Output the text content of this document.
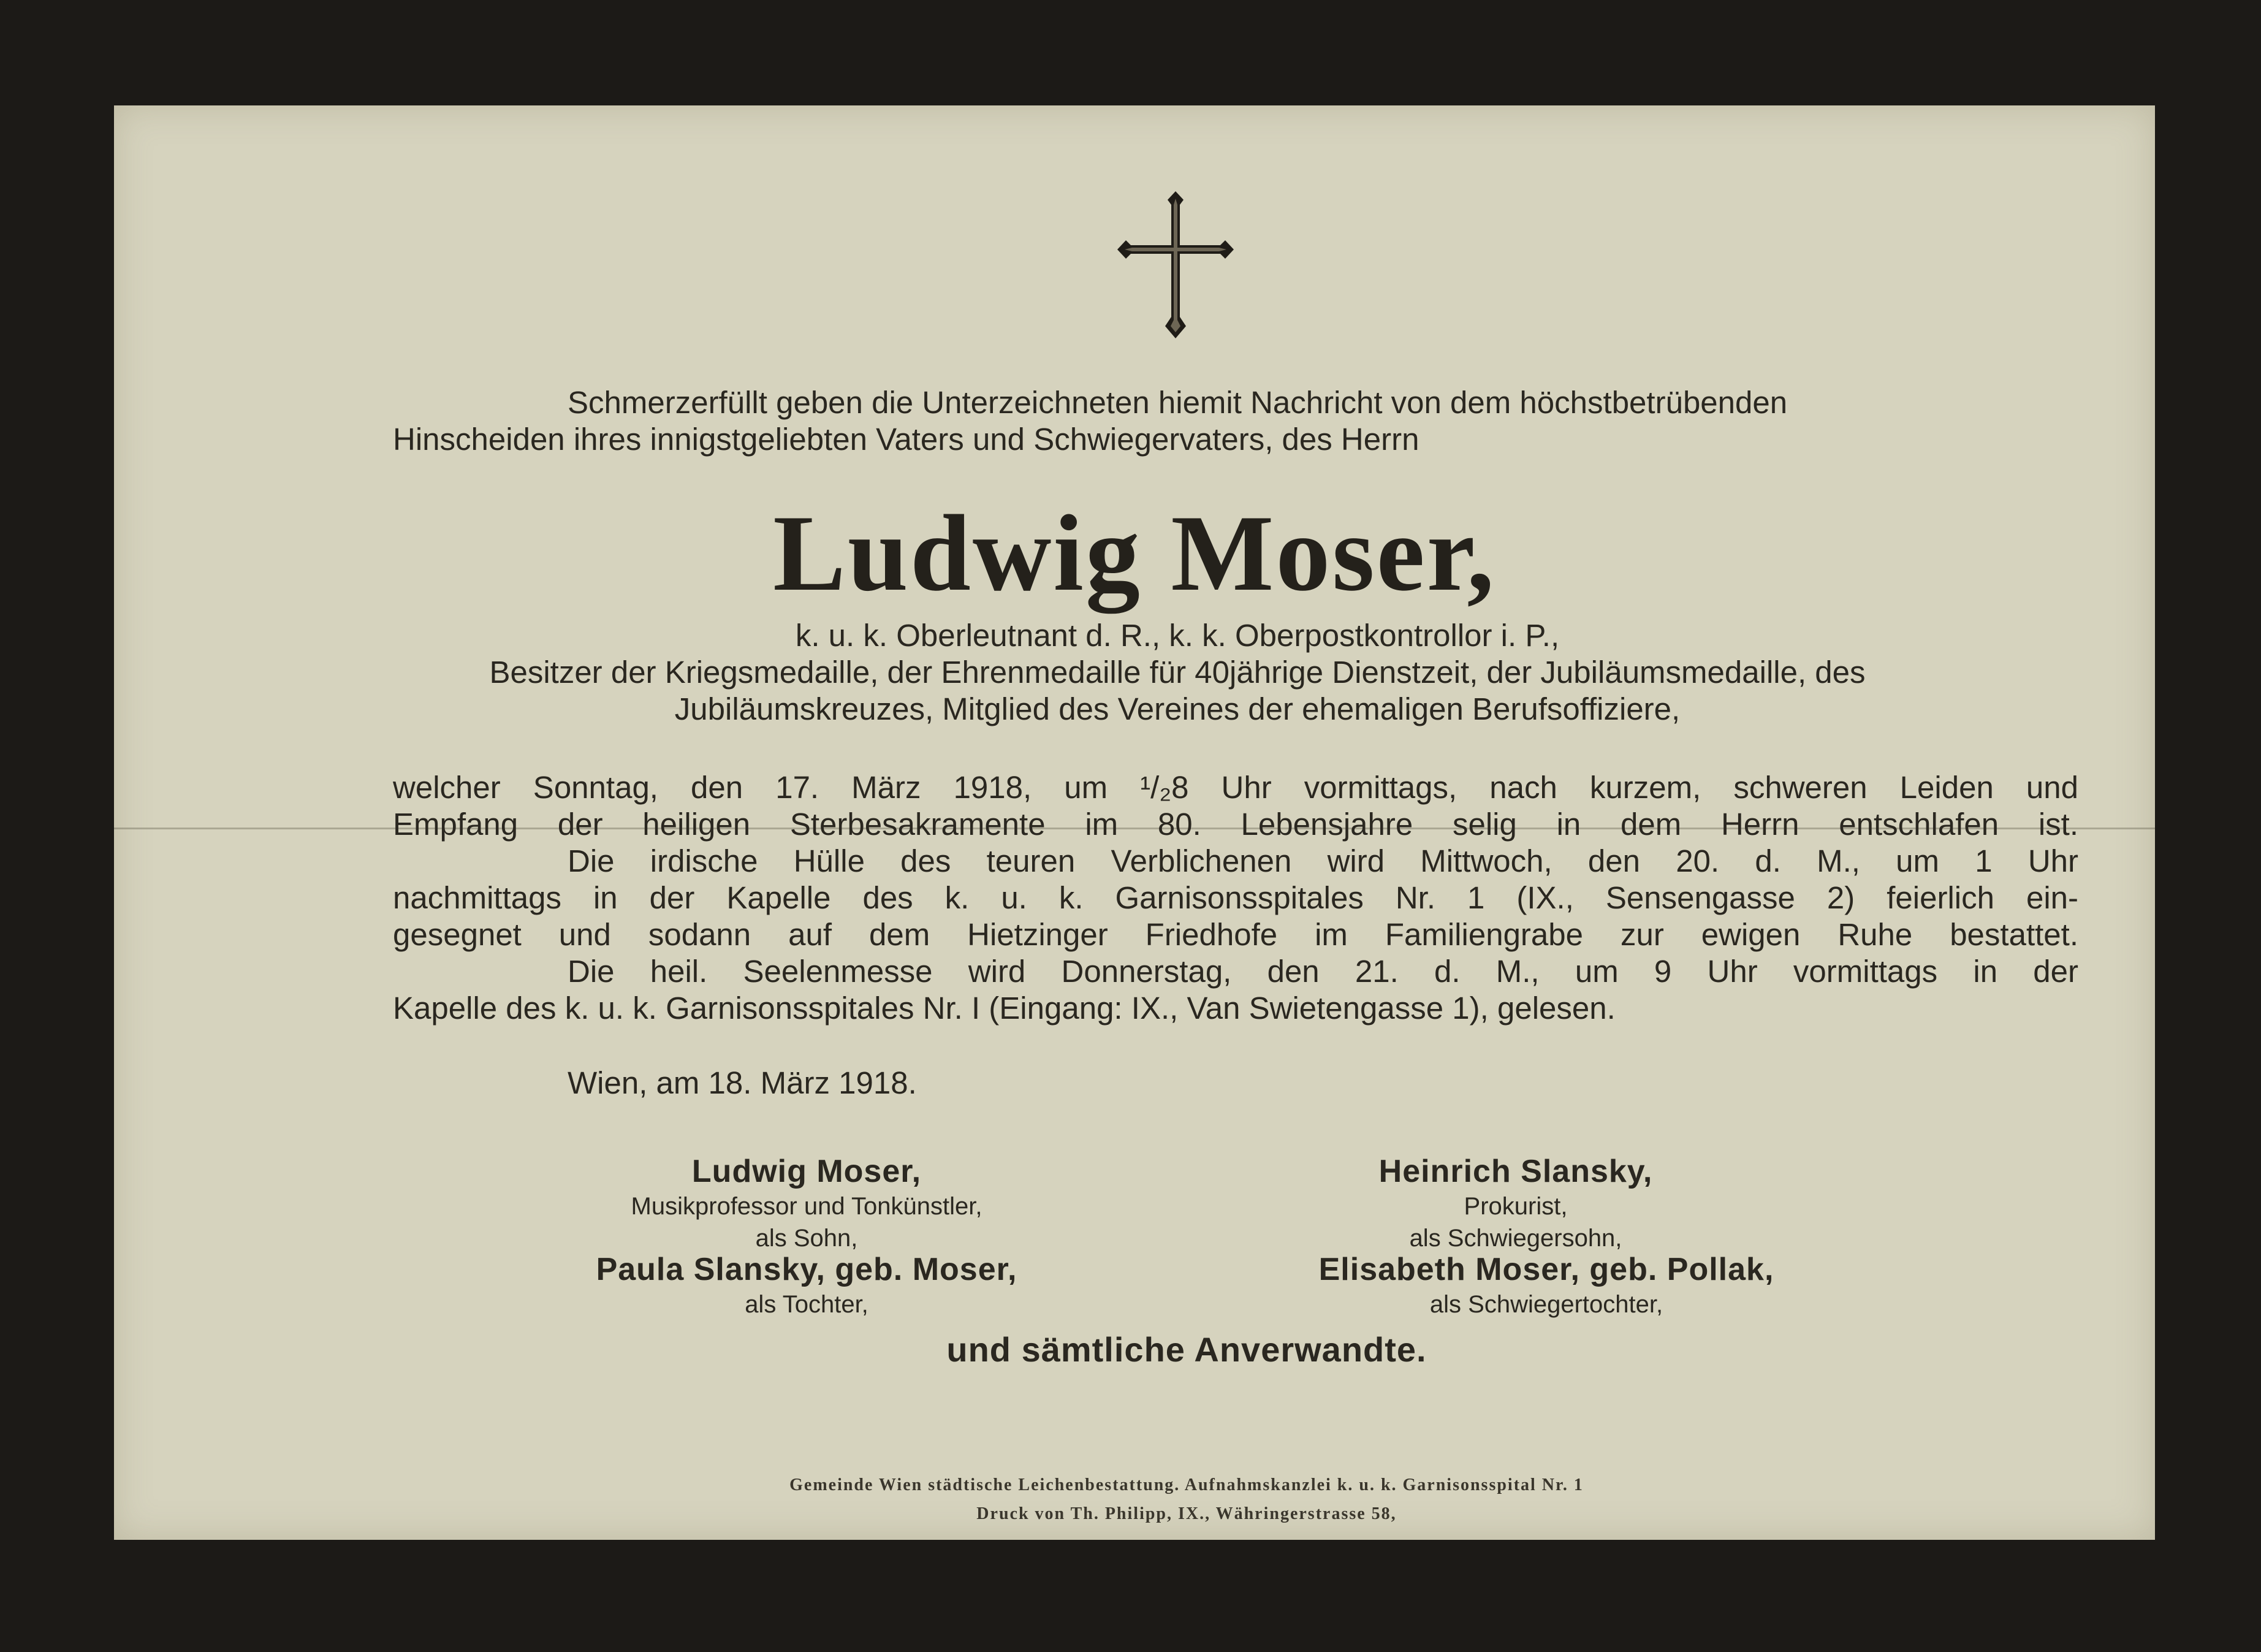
Schmerzerfüllt geben die Unterzeichneten hiemit Nachricht von dem höchstbetrübenden

Hinscheiden ihres innigstgeliebten Vaters und Schwiegervaters, des Herrn

Ludwig Moser,

k. u. k. Oberleutnant d. R., k. k. Oberpostkontrollor i. P.,

Besitzer der Kriegsmedaille, der Ehrenmedaille für 40jährige Dienstzeit, der Jubiläumsmedaille, des

Jubiläumskreuzes, Mitglied des Vereines der ehemaligen Berufsoffiziere,

welcher Sonntag, den 17. März 1918, um ¹/₂8 Uhr vormittags, nach kurzem, schweren Leiden und

Empfang der heiligen Sterbesakramente im 80. Lebensjahre selig in dem Herrn entschlafen ist.

Die irdische Hülle des teuren Verblichenen wird Mittwoch, den 20. d. M., um 1 Uhr

nachmittags in der Kapelle des k. u. k. Garnisonsspitales Nr. 1 (IX., Sensengasse 2) feierlich ein-

gesegnet und sodann auf dem Hietzinger Friedhofe im Familiengrabe zur ewigen Ruhe bestattet.

Die heil. Seelenmesse wird Donnerstag, den 21. d. M., um 9 Uhr vormittags in der

Kapelle des k. u. k. Garnisonsspitales Nr. I (Eingang: IX., Van Swietengasse 1), gelesen.

Wien, am 18. März 1918.
Ludwig Moser,
Musikprofessor und Tonkünstler,
als Sohn,
Heinrich Slansky,
Prokurist,
als Schwiegersohn,
Paula Slansky, geb. Moser,
als Tochter,
Elisabeth Moser, geb. Pollak,
als Schwiegertochter,
und sämtliche Anverwandte.
Gemeinde Wien städtische Leichenbestattung. Aufnahmskanzlei k. u. k. Garnisonsspital Nr. 1
Druck von Th. Philipp, IX., Währingerstrasse 58,
